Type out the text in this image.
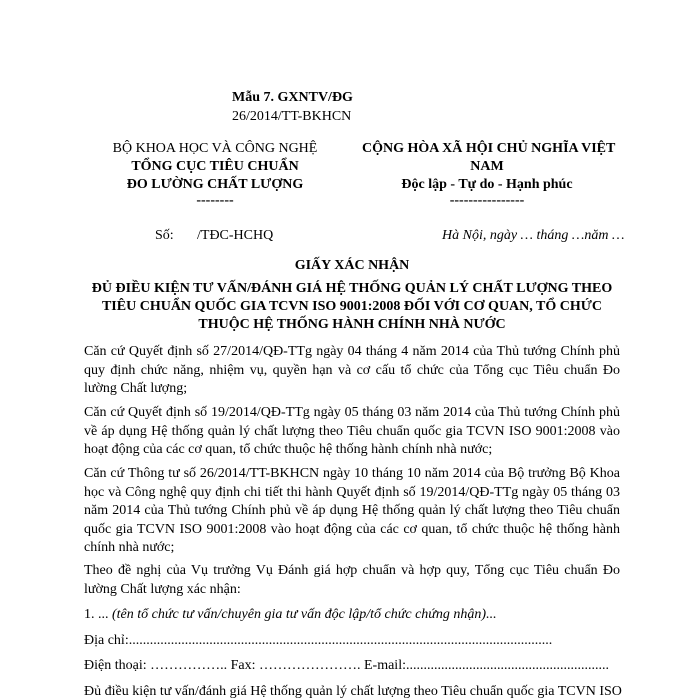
Mẫu 7. GXNTV/ĐG
26/2014/TT-BKHCN
BỘ KHOA HỌC VÀ CÔNG NGHỆ
TỔNG CỤC TIÊU CHUẨN
ĐO LƯỜNG CHẤT LƯỢNG
--------
CỘNG HÒA XÃ HỘI CHỦ NGHĨA VIỆT
NAM
Độc lập - Tự do - Hạnh phúc
----------------
Số: /TĐC-HCHQ	Hà Nội, ngày … tháng …năm …
GIẤY XÁC NHẬN
ĐỦ ĐIỀU KIỆN TƯ VẤN/ĐÁNH GIÁ HỆ THỐNG QUẢN LÝ CHẤT LƯỢNG THEO
TIÊU CHUẨN QUỐC GIA TCVN ISO 9001:2008 ĐỐI VỚI CƠ QUAN, TỔ CHỨC
THUỘC HỆ THỐNG HÀNH CHÍNH NHÀ NƯỚC
Căn cứ Quyết định số 27/2014/QĐ-TTg ngày 04 tháng 4 năm 2014 của Thủ tướng Chính phủ quy định chức năng, nhiệm vụ, quyền hạn và cơ cấu tổ chức của Tổng cục Tiêu chuẩn Đo lường Chất lượng;
Căn cứ Quyết định số 19/2014/QĐ-TTg ngày 05 tháng 03 năm 2014 của Thủ tướng Chính phủ về áp dụng Hệ thống quản lý chất lượng theo Tiêu chuẩn quốc gia TCVN ISO 9001:2008 vào hoạt động của các cơ quan, tổ chức thuộc hệ thống hành chính nhà nước;
Căn cứ Thông tư số 26/2014/TT-BKHCN ngày 10 tháng 10 năm 2014 của Bộ trưởng Bộ Khoa học và Công nghệ quy định chi tiết thi hành Quyết định số 19/2014/QĐ-TTg ngày 05 tháng 03 năm 2014 của Thủ tướng Chính phủ về áp dụng Hệ thống quản lý chất lượng theo Tiêu chuẩn quốc gia TCVN ISO 9001:2008 vào hoạt động của các cơ quan, tổ chức thuộc hệ thống hành chính nhà nước;
Theo đề nghị của Vụ trưởng Vụ Đánh giá hợp chuẩn và hợp quy, Tổng cục Tiêu chuẩn Đo lường Chất lượng xác nhận:
1. ... (tên tổ chức tư vấn/chuyên gia tư vấn độc lập/tổ chức chứng nhận)...
Địa chỉ:.........................................................................................................................
Điện thoại: …………….. Fax: …………………. E-mail:..........................................................
Đủ điều kiện tư vấn/đánh giá Hệ thống quản lý chất lượng theo Tiêu chuẩn quốc gia TCVN ISO
